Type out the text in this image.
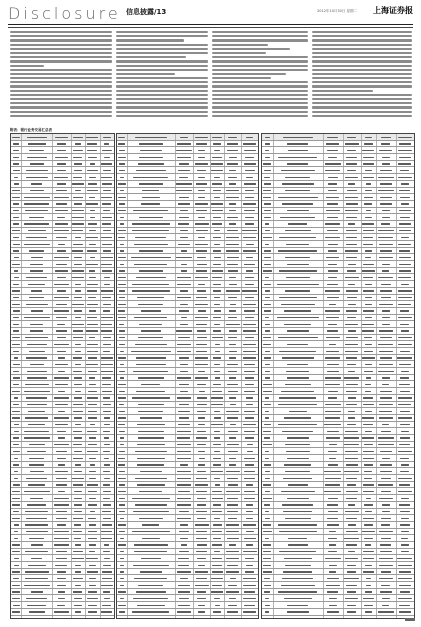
Disclosure 信息披露/13	2012年10月30日 星期二 上海证券报
附表：银行业务交易汇总表
